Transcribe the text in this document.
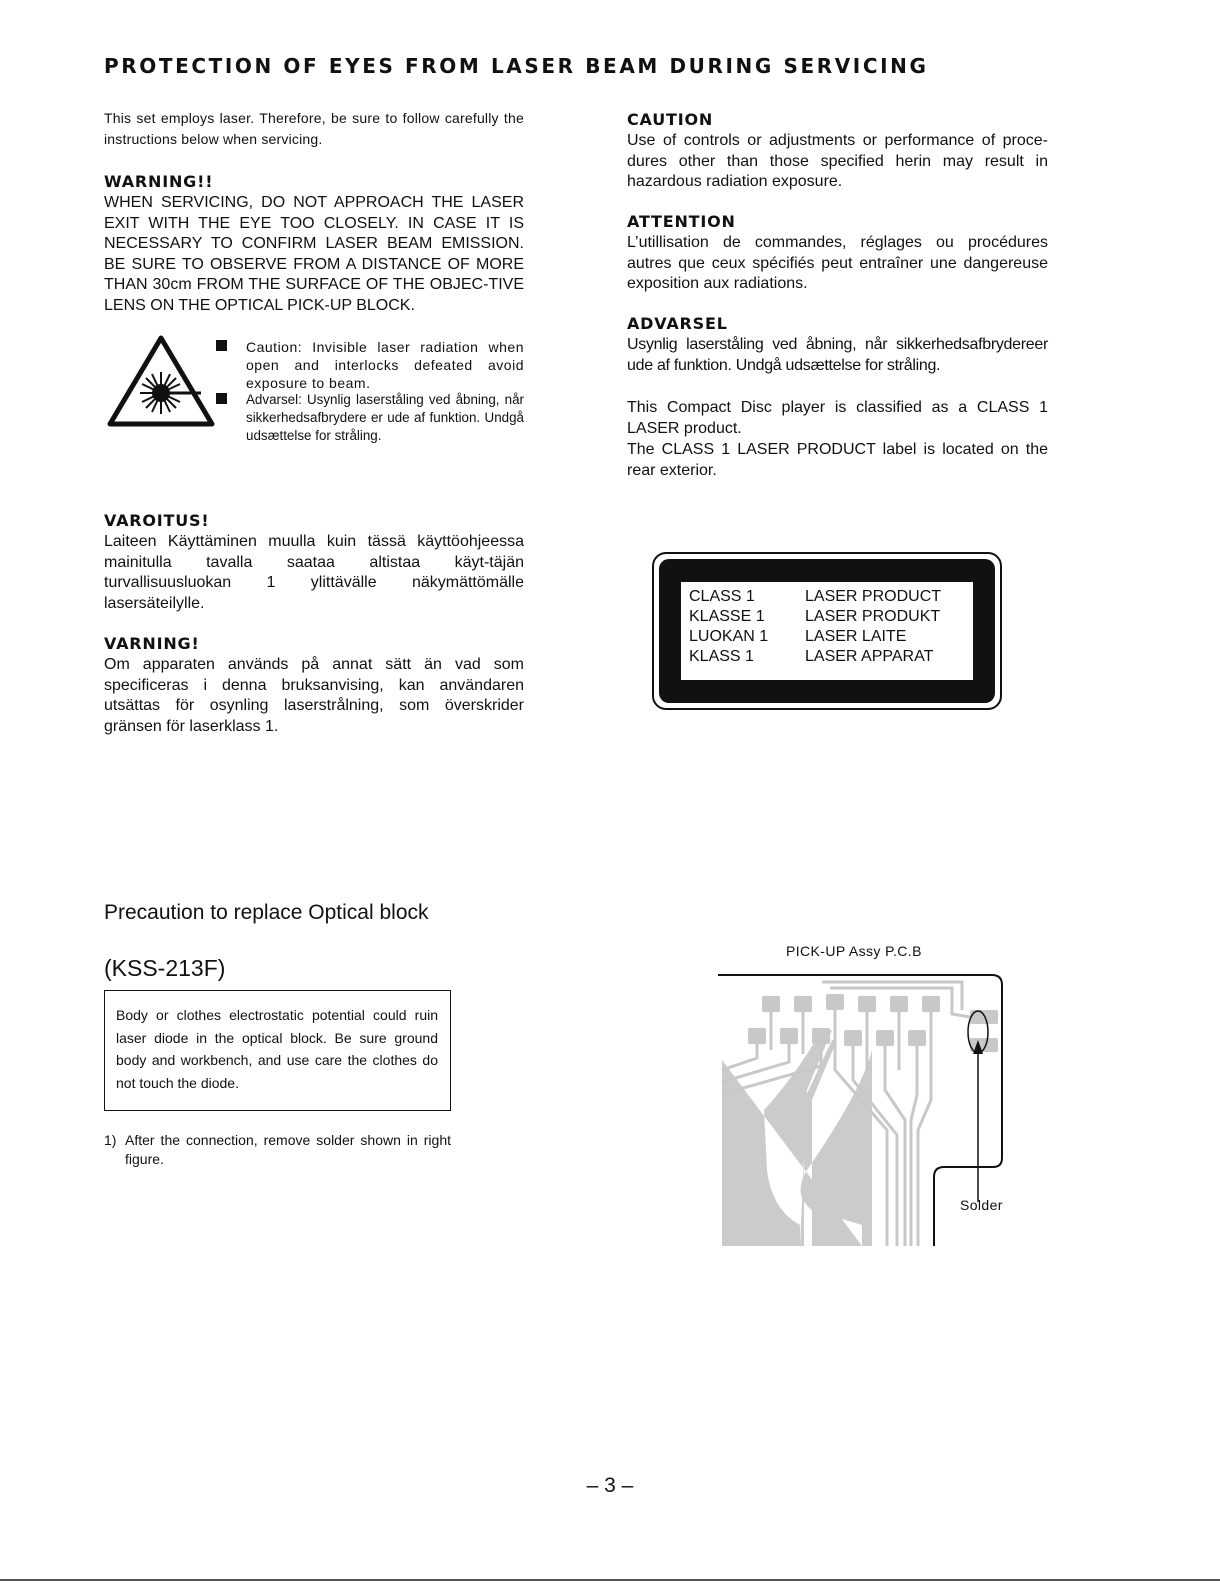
PROTECTION OF EYES FROM LASER BEAM DURING SERVICING

This set employs laser. Therefore, be sure to follow carefully the instructions below when servicing.

WARNING!!

WHEN SERVICING, DO NOT APPROACH THE LASER EXIT WITH THE EYE TOO CLOSELY. IN CASE IT IS NECESSARY TO CONFIRM LASER BEAM EMISSION. BE SURE TO OBSERVE FROM A DISTANCE OF MORE THAN 30cm FROM THE SURFACE OF THE OBJEC-TIVE LENS ON THE OPTICAL PICK-UP BLOCK.

Caution: Invisible laser radiation when open and interlocks defeated avoid exposure to beam.
Advarsel: Usynlig laserståling ved åbning, når sikkerhedsafbrydere er ude af funktion. Undgå udsættelse for stråling.
VAROITUS!

Laiteen Käyttäminen muulla kuin tässä käyttöohjeessa mainitulla tavalla saataa altistaa käyt-täjän turvallisuusluokan 1 ylittävälle näkymättömälle lasersäteilylle.

VARNING!

Om apparaten används på annat sätt än vad som specificeras i denna bruksanvising, kan användaren utsättas för osynling laserstrålning, som överskrider gränsen för laserklass 1.

CAUTION

Use of controls or adjustments or performance of proce-dures other than those specified herin may result in hazardous radiation exposure.

ATTENTION

L’utillisation de commandes, réglages ou procédures autres que ceux spécifiés peut entraîner une dangereuse exposition aux radiations.

ADVARSEL

Usynlig laserståling ved åbning, når sikkerhedsafbrydereer ude af funktion. Undgå udsættelse for stråling.

This Compact Disc player is classified as a CLASS 1 LASER product.

The CLASS 1 LASER PRODUCT label is located on the rear exterior.

CLASS 1	LASER PRODUCT
KLASSE 1	LASER PRODUKT
LUOKAN 1 LASER LAITE
KLASS 1	LASER APPARAT

Precaution to replace Optical block

(KSS-213F)

Body or clothes electrostatic potential could ruin laser diode in the optical block. Be sure ground body and workbench, and use care the clothes do not touch the diode.
1) After the connection, remove solder shown in right figure.
PICK-UP Assy P.C.B
Solder
– 3 –
